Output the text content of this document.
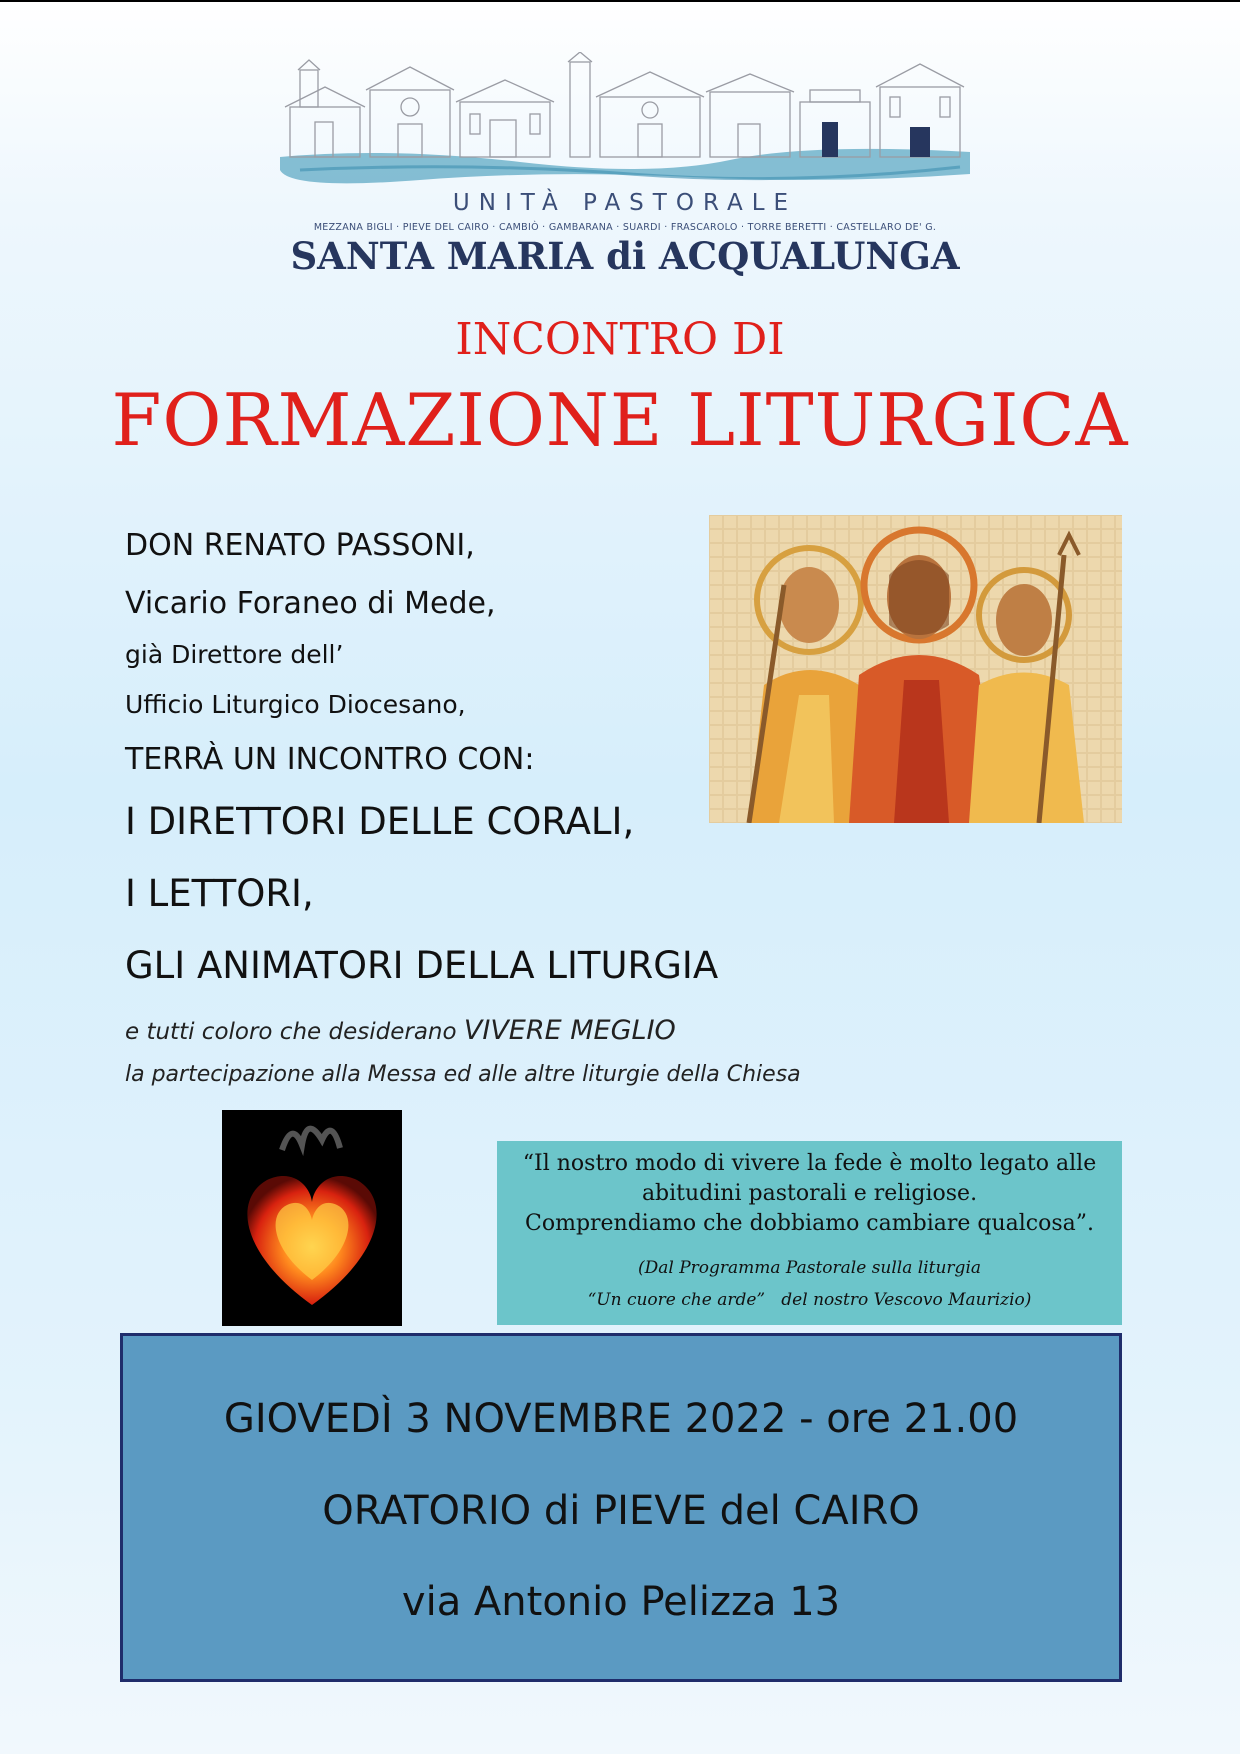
UNITÀ PASTORALE
MEZZANA BIGLI · PIEVE DEL CAIRO · CAMBIÒ · GAMBARANA · SUARDI · FRASCAROLO · TORRE BERETTI · CASTELLARO DE' G.
SANTA MARIA di ACQUALUNGA
INCONTRO DI
FORMAZIONE LITURGICA
DON RENATO PASSONI,
Vicario Foraneo di Mede,
già Direttore dell’
Ufficio Liturgico Diocesano,
TERRÀ UN INCONTRO CON:
I DIRETTORI DELLE CORALI,
I LETTORI,
GLI ANIMATORI DELLA LITURGIA
e tutti coloro che desiderano VIVERE MEGLIO
la partecipazione alla Messa ed alle altre liturgie della Chiesa
“Il nostro modo di vivere la fede è molto legato alle
abitudini pastorali e religiose.
Comprendiamo che dobbiamo cambiare qualcosa”.
(Dal Programma Pastorale sulla liturgia
“Un cuore che arde”   del nostro Vescovo Maurizio)
GIOVEDÌ 3 NOVEMBRE 2022 - ore 21.00
ORATORIO di PIEVE del CAIRO
via Antonio Pelizza 13
